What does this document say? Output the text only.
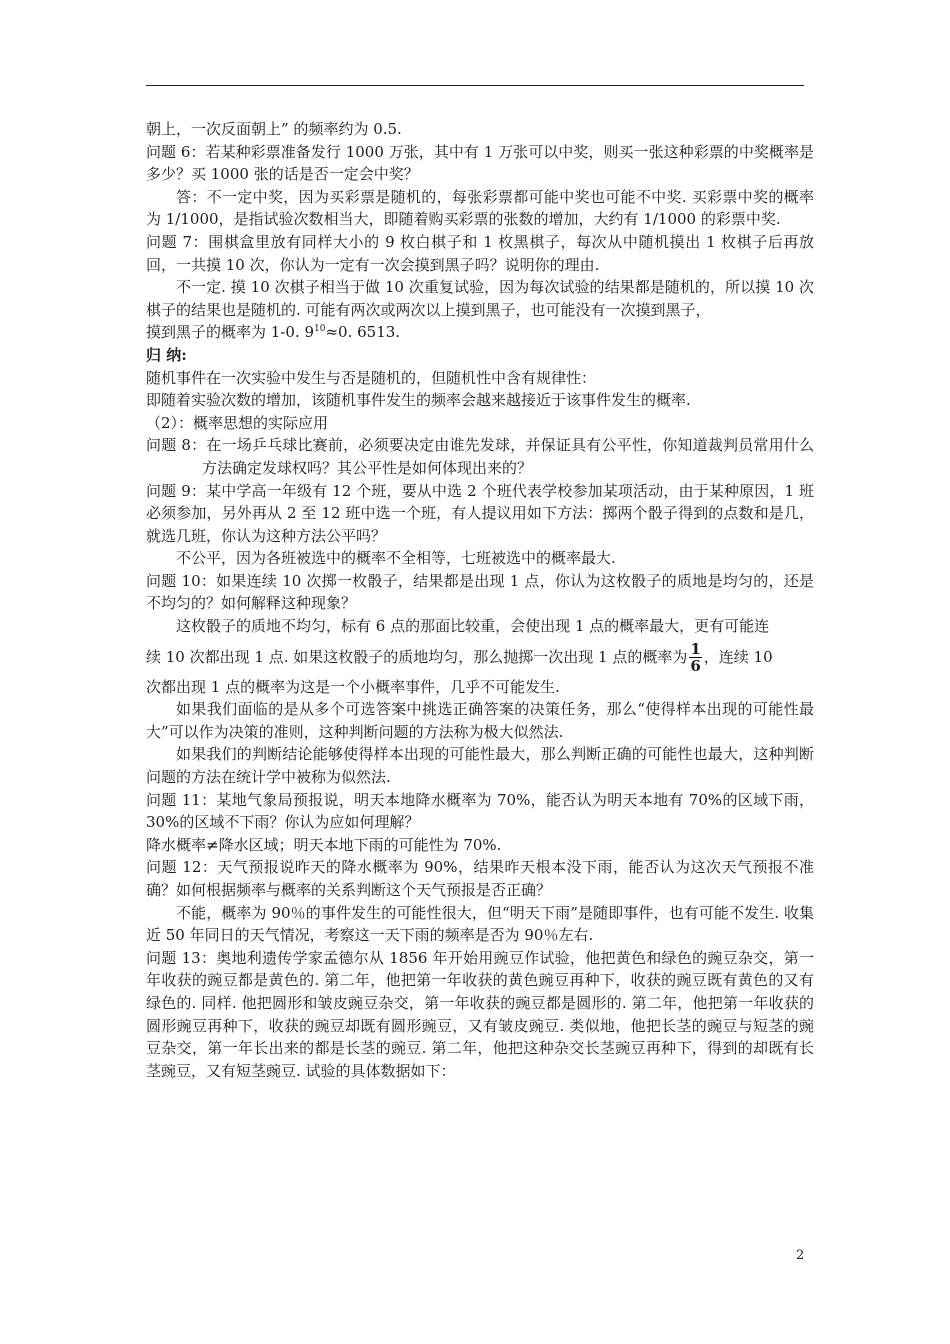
朝上，一次反面朝上” 的频率约为 0.5.

问题 6：若某种彩票准备发行 1000 万张，其中有 1 万张可以中奖，则买一张这种彩票的中奖概率是多少？买 1000 张的话是否一定会中奖？

答：不一定中奖，因为买彩票是随机的，每张彩票都可能中奖也可能不中奖. 买彩票中奖的概率为 1/1000，是指试验次数相当大，即随着购买彩票的张数的增加，大约有 1/1000 的彩票中奖.

问题 7：围棋盒里放有同样大小的 9 枚白棋子和 1 枚黑棋子，每次从中随机摸出 1 枚棋子后再放回，一共摸 10 次，你认为一定有一次会摸到黑子吗？说明你的理由.

不一定. 摸 10 次棋子相当于做 10 次重复试验，因为每次试验的结果都是随机的，所以摸 10 次棋子的结果也是随机的. 可能有两次或两次以上摸到黑子，也可能没有一次摸到黑子，

摸到黑子的概率为 1-0. $9^{10}\approx 0$. 6513.

归 纳:

随机事件在一次实验中发生与否是随机的，但随机性中含有规律性：

即随着实验次数的增加，该随机事件发生的频率会越来越接近于该事件发生的概率.

（2）：概率思想的实际应用

问题 8：在一场乒乓球比赛前，必须要决定由谁先发球，并保证具有公平性，你知道裁判员常用什么方法确定发球权吗？其公平性是如何体现出来的？

问题 9：某中学高一年级有 12 个班，要从中选 2 个班代表学校参加某项活动，由于某种原因，1 班必须参加，另外再从 2 至 12 班中选一个班，有人提议用如下方法：掷两个骰子得到的点数和是几，就选几班，你认为这种方法公平吗？

不公平，因为各班被选中的概率不全相等，七班被选中的概率最大.

问题 10：如果连续 10 次掷一枚骰子，结果都是出现 1 点，你认为这枚骰子的质地是均匀的，还是不均匀的？如何解释这种现象？

这枚骰子的质地不均匀，标有 6 点的那面比较重，会使出现 1 点的概率最大，更有可能连

续 10 次都出现 1 点. 如果这枚骰子的质地均匀，那么抛掷一次出现 1 点的概率为 $\frac{1}{6}$ ，连续 10

次都出现 1 点的概率为这是一个小概率事件，几乎不可能发生.

如果我们面临的是从多个可选答案中挑选正确答案的决策任务，那么“使得样本出现的可能性最大”可以作为决策的准则，这种判断问题的方法称为极大似然法.

如果我们的判断结论能够使得样本出现的可能性最大，那么判断正确的可能性也最大，这种判断问题的方法在统计学中被称为似然法.

问题 11：某地气象局预报说，明天本地降水概率为 70%，能否认为明天本地有 70%的区域下雨，30%的区域不下雨？你认为应如何理解？

降水概率≠降水区域；明天本地下雨的可能性为 70%.

问题 12：天气预报说昨天的降水概率为 90%，结果昨天根本没下雨，能否认为这次天气预报不准确？如何根据频率与概率的关系判断这个天气预报是否正确？

不能，概率为 90％的事件发生的可能性很大，但“明天下雨”是随即事件，也有可能不发生. 收集近 50 年同日的天气情况，考察这一天下雨的频率是否为 90％左右.

问题 13：奥地利遗传学家孟德尔从 1856 年开始用豌豆作试验，他把黄色和绿色的豌豆杂交，第一年收获的豌豆都是黄色的. 第二年，他把第一年收获的黄色豌豆再种下，收获的豌豆既有黄色的又有绿色的. 同样. 他把圆形和皱皮豌豆杂交，第一年收获的豌豆都是圆形的. 第二年，他把第一年收获的圆形豌豆再种下，收获的豌豆却既有圆形豌豆，又有皱皮豌豆. 类似地，他把长茎的豌豆与短茎的豌豆杂交，第一年长出来的都是长茎的豌豆. 第二年，他把这种杂交长茎豌豆再种下，得到的却既有长茎豌豆，又有短茎豌豆. 试验的具体数据如下：

2
